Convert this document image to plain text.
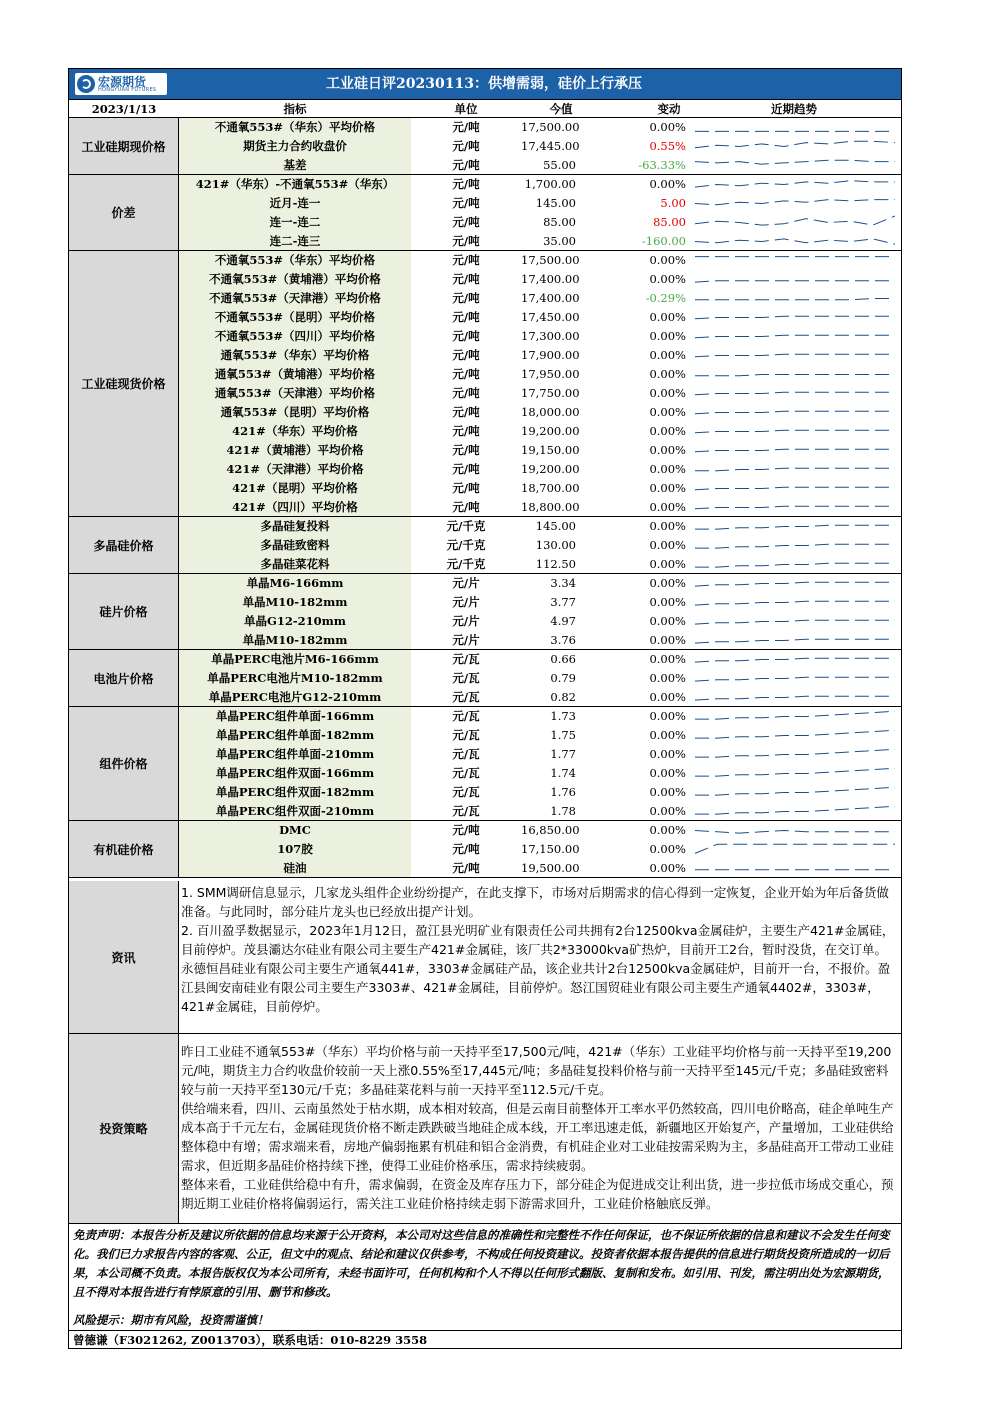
宏源期货
HONGYUAN FUTURES	工业硅日评20230113：供增需弱，硅价上行承压
2023/1/13	指标	单位	今值	变动	近期趋势
工业硅期现价格
不通氧553#（华东）平均价格	元/吨	17,500.00	0.00%
期货主力合约收盘价	元/吨	17,445.00	0.55%
基差	元/吨	55.00	-63.33%
价差
421#（华东）-不通氧553#（华东）	元/吨	1,700.00	0.00%
近月-连一	元/吨	145.00	5.00
连一-连二	元/吨	85.00	85.00
连二-连三	元/吨	35.00	-160.00
工业硅现货价格
不通氧553#（华东）平均价格	元/吨	17,500.00	0.00%
不通氧553#（黄埔港）平均价格	元/吨	17,400.00	0.00%
不通氧553#（天津港）平均价格	元/吨	17,400.00	-0.29%
不通氧553#（昆明）平均价格	元/吨	17,450.00	0.00%
不通氧553#（四川）平均价格	元/吨	17,300.00	0.00%
通氧553#（华东）平均价格	元/吨	17,900.00	0.00%
通氧553#（黄埔港）平均价格	元/吨	17,950.00	0.00%
通氧553#（天津港）平均价格	元/吨	17,750.00	0.00%
通氧553#（昆明）平均价格	元/吨	18,000.00	0.00%
421#（华东）平均价格	元/吨	19,200.00	0.00%
421#（黄埔港）平均价格	元/吨	19,150.00	0.00%
421#（天津港）平均价格	元/吨	19,200.00	0.00%
421#（昆明）平均价格	元/吨	18,700.00	0.00%
421#（四川）平均价格	元/吨	18,800.00	0.00%
多晶硅价格
多晶硅复投料	元/千克	145.00	0.00%
多晶硅致密料	元/千克	130.00	0.00%
多晶硅菜花料	元/千克	112.50	0.00%
硅片价格
单晶M6-166mm	元/片	3.34	0.00%
单晶M10-182mm	元/片	3.77	0.00%
单晶G12-210mm	元/片	4.97	0.00%
单晶M10-182mm	元/片	3.76	0.00%
电池片价格
单晶PERC电池片M6-166mm	元/瓦	0.66	0.00%
单晶PERC电池片M10-182mm	元/瓦	0.79	0.00%
单晶PERC电池片G12-210mm	元/瓦	0.82	0.00%
组件价格
单晶PERC组件单面-166mm	元/瓦	1.73	0.00%
单晶PERC组件单面-182mm	元/瓦	1.75	0.00%
单晶PERC组件单面-210mm	元/瓦	1.77	0.00%
单晶PERC组件双面-166mm	元/瓦	1.74	0.00%
单晶PERC组件双面-182mm	元/瓦	1.76	0.00%
单晶PERC组件双面-210mm	元/瓦	1.78	0.00%
有机硅价格
DMC	元/吨	16,850.00	0.00%
107胶	元/吨	17,150.00	0.00%
硅油	元/吨	19,500.00	0.00%
资讯

1. SMM调研信息显示，几家龙头组件企业纷纷提产，在此支撑下，市场对后期需求的信心得到一定恢复，企业开始为年后备货做准备。与此同时，部分硅片龙头也已经放出提产计划。

2. 百川盈孚数据显示，2023年1月12日，盈江县光明矿业有限责任公司共拥有2台12500kva金属硅炉，主要生产421#金属硅，目前停炉。茂县灞达尔硅业有限公司主要生产421#金属硅，该厂共2*33000kva矿热炉，目前开工2台，暂时没货，在交订单。永德恒昌硅业有限公司主要生产通氧441#，3303#金属硅产品，该企业共计2台12500kva金属硅炉，目前开一台，不报价。盈江县闽安南硅业有限公司主要生产3303#、421#金属硅，目前停炉。怒江国贸硅业有限公司主要生产通氧4402#，3303#，421#金属硅，目前停炉。

投资策略

昨日工业硅不通氧553#（华东）平均价格与前一天持平至17,500元/吨，421#（华东）工业硅平均价格与前一天持平至19,200元/吨，期货主力合约收盘价较前一天上涨0.55%至17,445元/吨；多晶硅复投料价格与前一天持平至145元/千克；多晶硅致密料较与前一天持平至130元/千克；多晶硅菜花料与前一天持平至112.5元/千克。

供给端来看，四川、云南虽然处于枯水期，成本相对较高，但是云南目前整体开工率水平仍然较高，四川电价略高，硅企单吨生产成本高于千元左右，金属硅现货价格不断走跌跌破当地硅企成本线，开工率迅速走低，新疆地区开始复产，产量增加，工业硅供给整体稳中有增；需求端来看，房地产偏弱拖累有机硅和铝合金消费，有机硅企业对工业硅按需采购为主，多晶硅高开工带动工业硅需求，但近期多晶硅价格持续下挫，使得工业硅价格承压，需求持续疲弱。

整体来看，工业硅供给稳中有升，需求偏弱，在资金及库存压力下，部分硅企为促进成交让利出货，进一步拉低市场成交重心，预期近期工业硅价格将偏弱运行，需关注工业硅价格持续走弱下游需求回升，工业硅价格触底反弹。

免责声明：本报告分析及建议所依据的信息均来源于公开资料，本公司对这些信息的准确性和完整性不作任何保证，也不保证所依据的信息和建议不会发生任何变化。我们已力求报告内容的客观、公正，但文中的观点、结论和建议仅供参考，不构成任何投资建议。投资者依据本报告提供的信息进行期货投资所造成的一切后果，本公司概不负责。本报告版权仅为本公司所有，未经书面许可，任何机构和个人不得以任何形式翻版、复制和发布。如引用、刊发，需注明出处为宏源期货，且不得对本报告进行有悖原意的引用、删节和修改。
风险提示：期市有风险，投资需谨慎！
曾德谦（F3021262, Z0013703），联系电话：010-8229 3558
